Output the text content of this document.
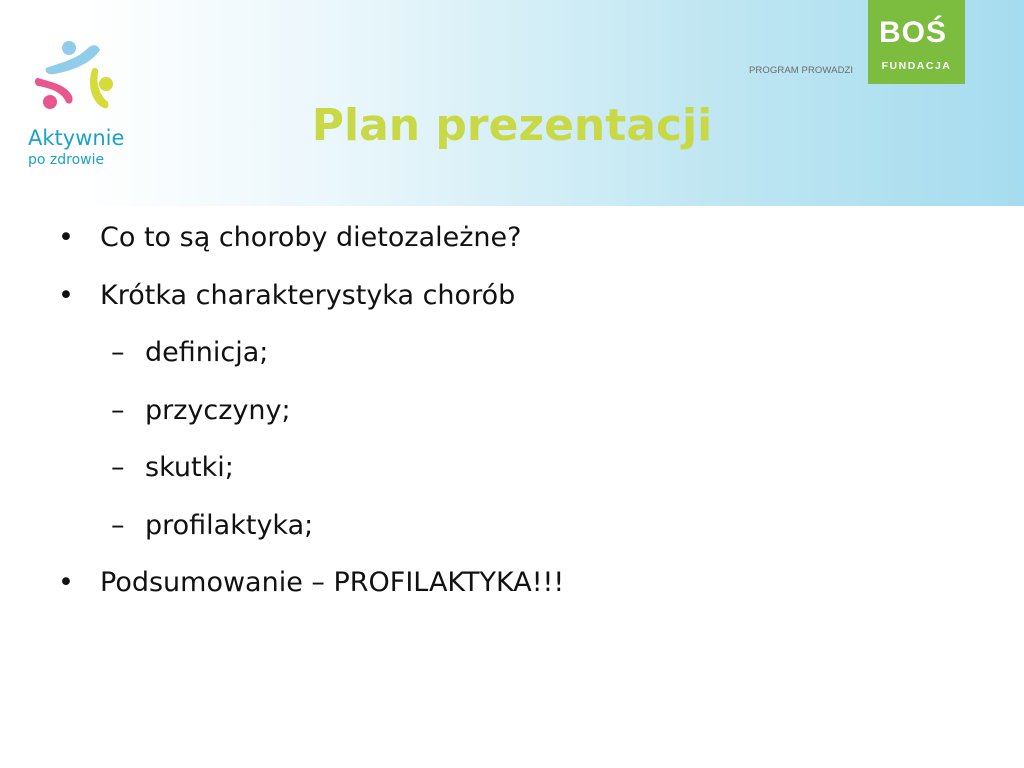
Aktywnie
po zdrowie
PROGRAM PROWADZI
BOŚ
FUNDACJA
Plan prezentacji
• Co to są choroby dietozależne?
• Krótka charakterystyka chorób
– definicja;
– przyczyny;
– skutki;
– profilaktyka;
• Podsumowanie – PROFILAKTYKA!!!
